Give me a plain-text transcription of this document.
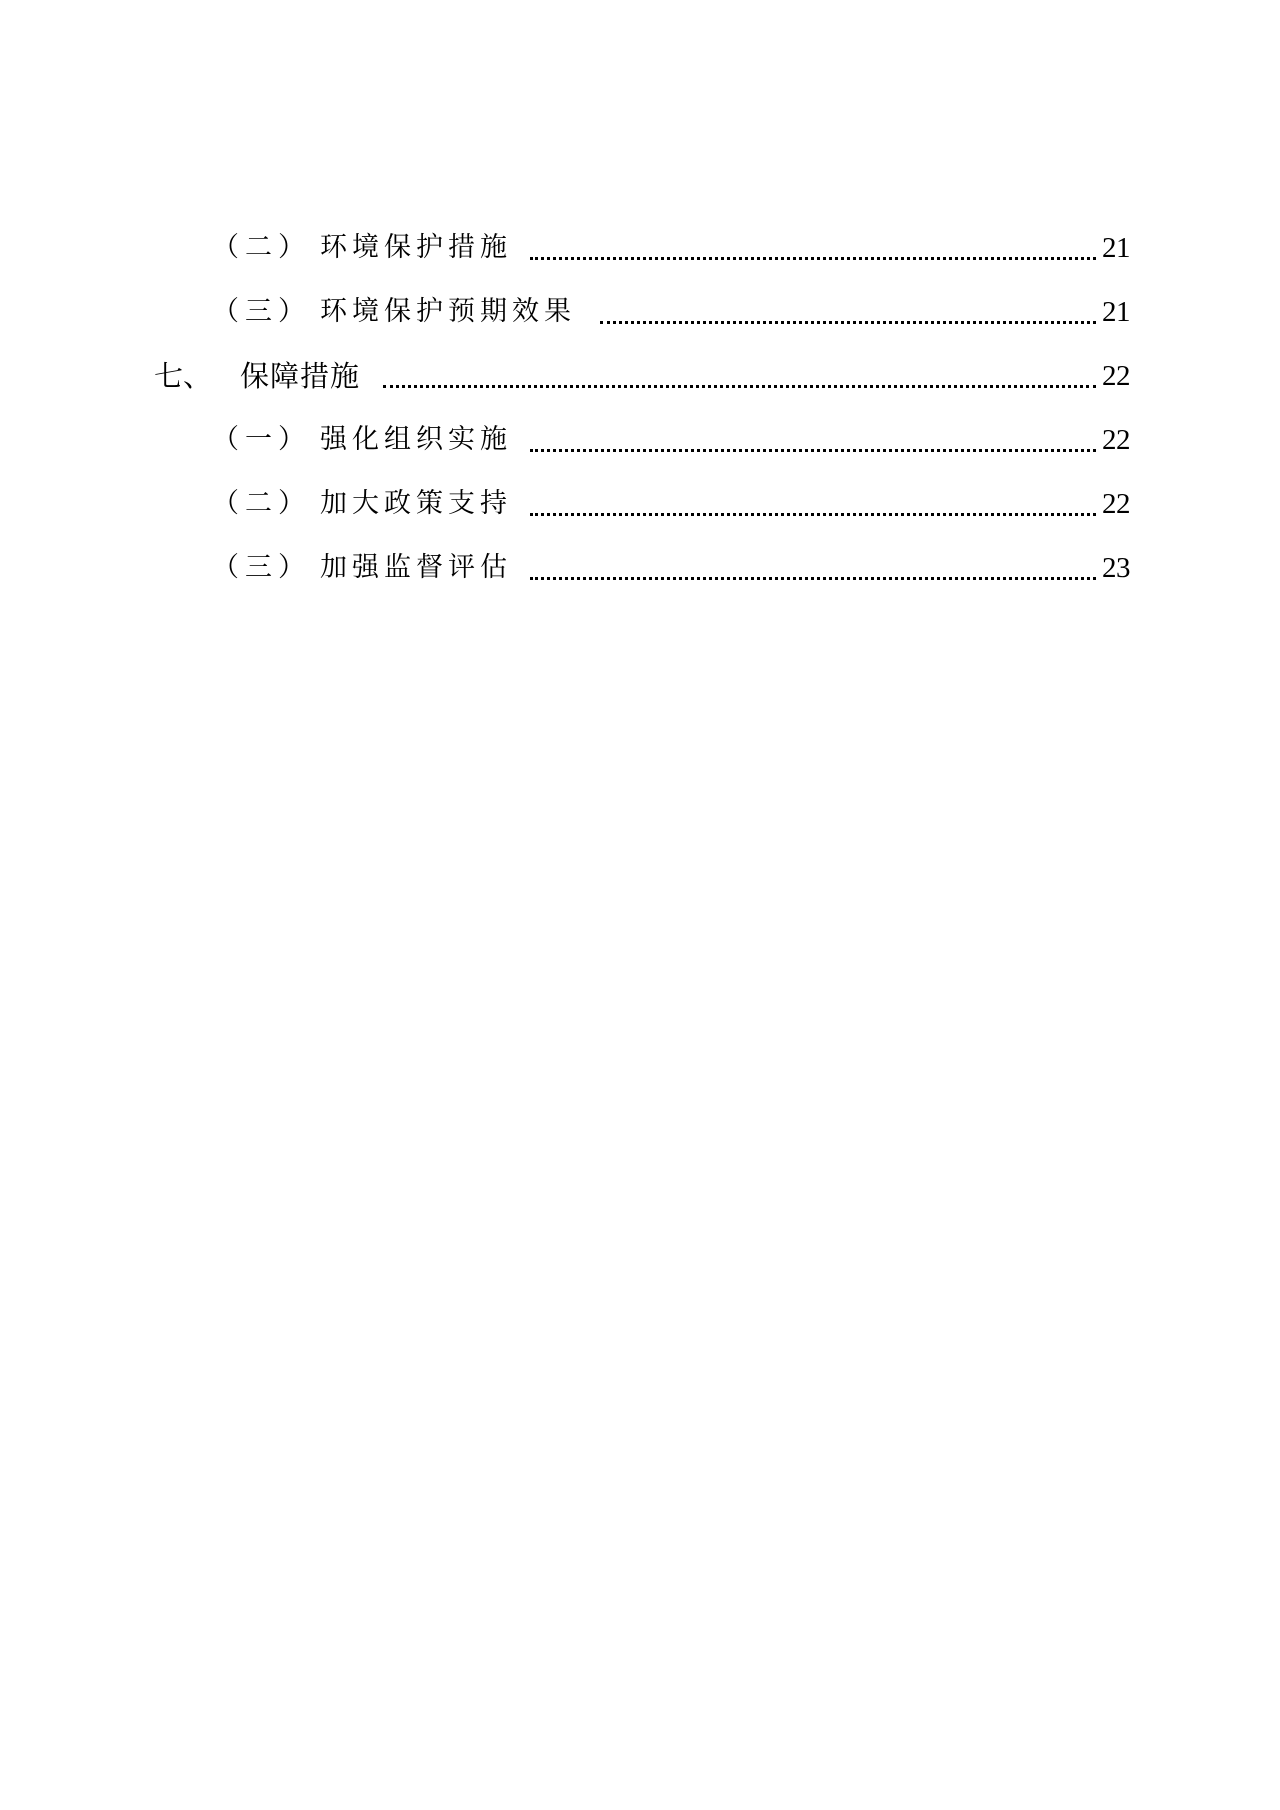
（二） 环境保护措施	21
（三） 环境保护预期效果	21
七、 保障措施	22
（一） 强化组织实施	22
（二） 加大政策支持	22
（三） 加强监督评估	23
